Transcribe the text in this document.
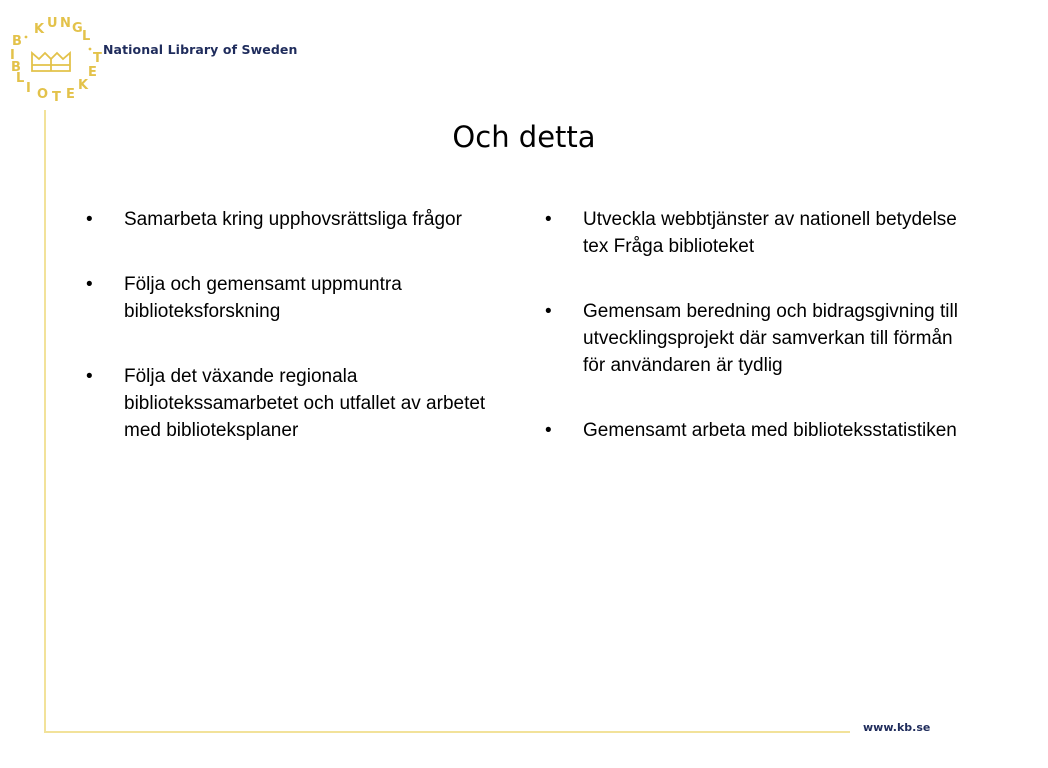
K U N G L B I B L I O T E K E T
National Library of Sweden
Och detta
• Samarbeta kring upphovsrättsliga frågor
• Följa och gemensamt uppmuntra biblioteksforskning
• Följa det växande regionala bibliotekssamarbetet och utfallet av arbetet med biblioteksplaner
• Utveckla webbtjänster av nationell betydelse tex Fråga biblioteket
• Gemensam beredning och bidragsgivning till utvecklingsprojekt där samverkan till förmån för användaren är tydlig
• Gemensamt arbeta med biblioteksstatistiken
www.kb.se
